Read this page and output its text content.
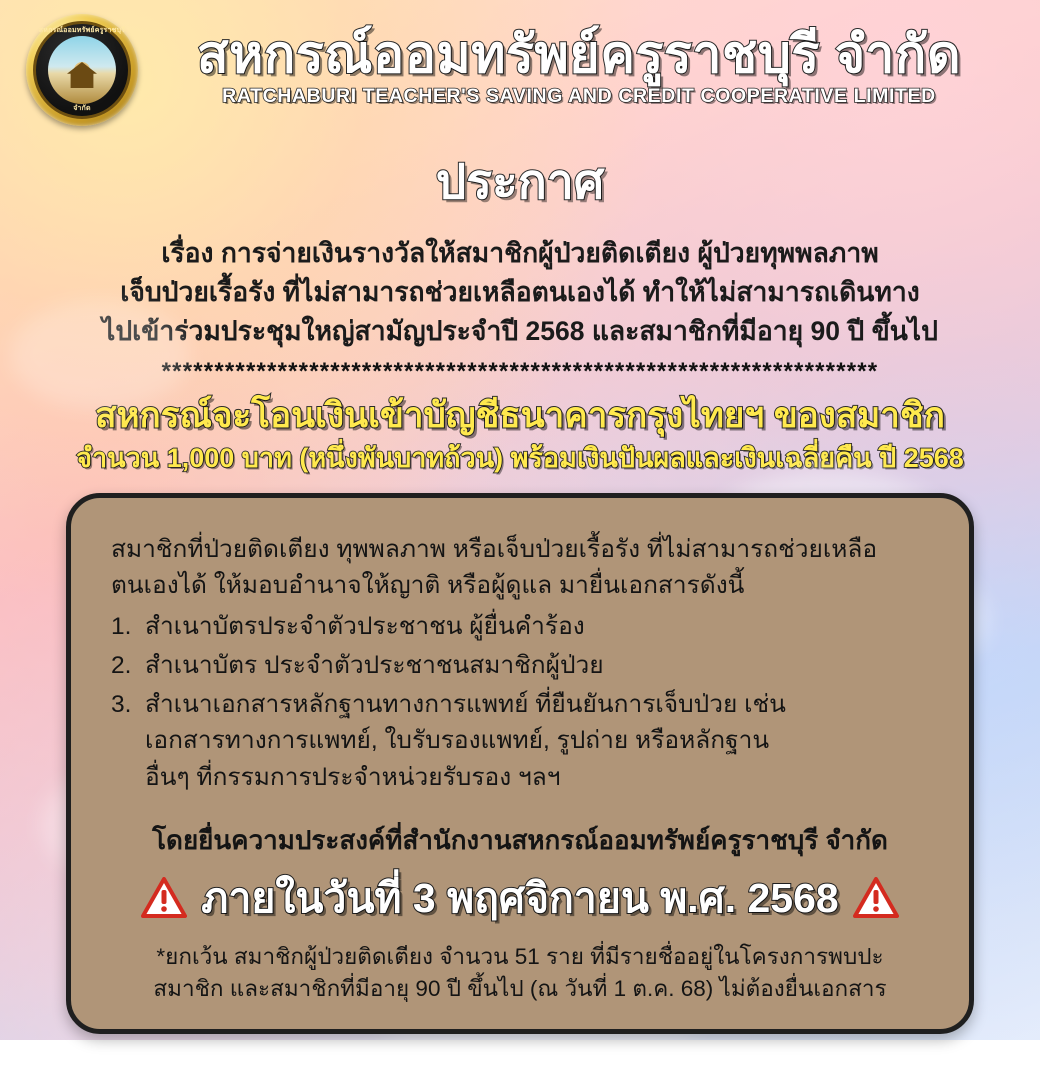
สหกรณ์ออมทรัพย์ครูราชบุรี
จำกัด
สหกรณ์ออมทรัพย์ครูราชบุรี จำกัด
RATCHABURI TEACHER'S SAVING AND CREDIT COOPERATIVE LIMITED
ประกาศ
เรื่อง การจ่ายเงินรางวัลให้สมาชิกผู้ป่วยติดเตียง ผู้ป่วยทุพพลภาพ
เจ็บป่วยเรื้อรัง ที่ไม่สามารถช่วยเหลือตนเองได้ ทำให้ไม่สามารถเดินทาง
ไปเข้าร่วมประชุมใหญ่สามัญประจำปี 2568 และสมาชิกที่มีอายุ 90 ปี ขึ้นไป
********************************************************************
สหกรณ์จะโอนเงินเข้าบัญชีธนาคารกรุงไทยฯ ของสมาชิก
จำนวน 1,000 บาท (หนึ่งพันบาทถ้วน) พร้อมเงินปันผลและเงินเฉลี่ยคืน ปี 2568

สมาชิกที่ป่วยติดเตียง ทุพพลภาพ หรือเจ็บป่วยเรื้อรัง ที่ไม่สามารถช่วยเหลือ
ตนเองได้ ให้มอบอำนาจให้ญาติ หรือผู้ดูแล มายื่นเอกสารดังนี้

1. สำเนาบัตรประจำตัวประชาชน ผู้ยื่นคำร้อง
2. สำเนาบัตร ประจำตัวประชาชนสมาชิกผู้ป่วย
3. สำเนาเอกสารหลักฐานทางการแพทย์ ที่ยืนยันการเจ็บป่วย เช่น
เอกสารทางการแพทย์, ใบรับรองแพทย์, รูปถ่าย หรือหลักฐาน
อื่นๆ ที่กรรมการประจำหน่วยรับรอง ฯลฯ
โดยยื่นความประสงค์ที่สำนักงานสหกรณ์ออมทรัพย์ครูราชบุรี จำกัด
ภายในวันที่ 3 พฤศจิกายน พ.ศ. 2568
*ยกเว้น สมาชิกผู้ป่วยติดเตียง จำนวน 51 ราย ที่มีรายชื่ออยู่ในโครงการพบปะ
สมาชิก และสมาชิกที่มีอายุ 90 ปี ขึ้นไป (ณ วันที่ 1 ต.ค. 68) ไม่ต้องยื่นเอกสาร
